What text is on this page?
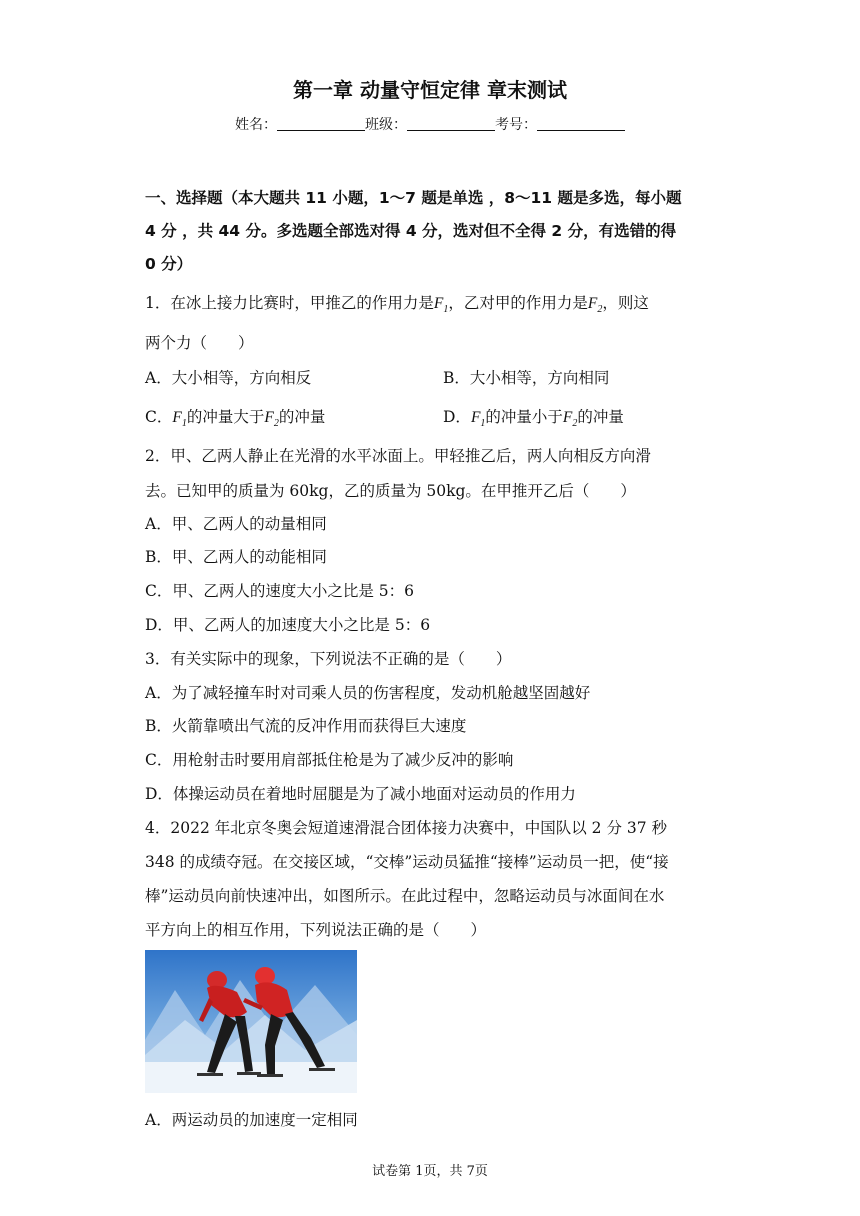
第一章 动量守恒定律 章末测试
姓名：	班级：	考号：
一、选择题（本大题共 11 小题，1～7 题是单选 ，8～11 题是多选，每小题
4 分 ，共 44 分。多选题全部选对得 4 分，选对但不全得 2 分，有选错的得
0 分）
1．在冰上接力比赛时，甲推乙的作用力是$F_1$，乙对甲的作用力是$F_2$，则这
两个力（　　）
A．大小相等，方向相反	B．大小相等，方向相同
C．$F_1$的冲量大于$F_2$的冲量	D．$F_1$的冲量小于$F_2$的冲量
2．甲、乙两人静止在光滑的水平冰面上。甲轻推乙后，两人向相反方向滑
去。已知甲的质量为 60kg，乙的质量为 50kg。在甲推开乙后（　　）
A．甲、乙两人的动量相同
B．甲、乙两人的动能相同
C．甲、乙两人的速度大小之比是 5：6
D．甲、乙两人的加速度大小之比是 5：6
3．有关实际中的现象，下列说法不正确的是（　　）
A．为了减轻撞车时对司乘人员的伤害程度，发动机舱越坚固越好
B．火箭靠喷出气流的反冲作用而获得巨大速度
C．用枪射击时要用肩部抵住枪是为了减少反冲的影响
D．体操运动员在着地时屈腿是为了减小地面对运动员的作用力
4．2022 年北京冬奥会短道速滑混合团体接力决赛中，中国队以 2 分 37 秒
348 的成绩夺冠。在交接区域，“交棒”运动员猛推“接棒”运动员一把，使“接
棒”运动员向前快速冲出，如图所示。在此过程中，忽略运动员与冰面间在水
平方向上的相互作用，下列说法正确的是（　　）
A．两运动员的加速度一定相同
试卷第 1页，共 7页
